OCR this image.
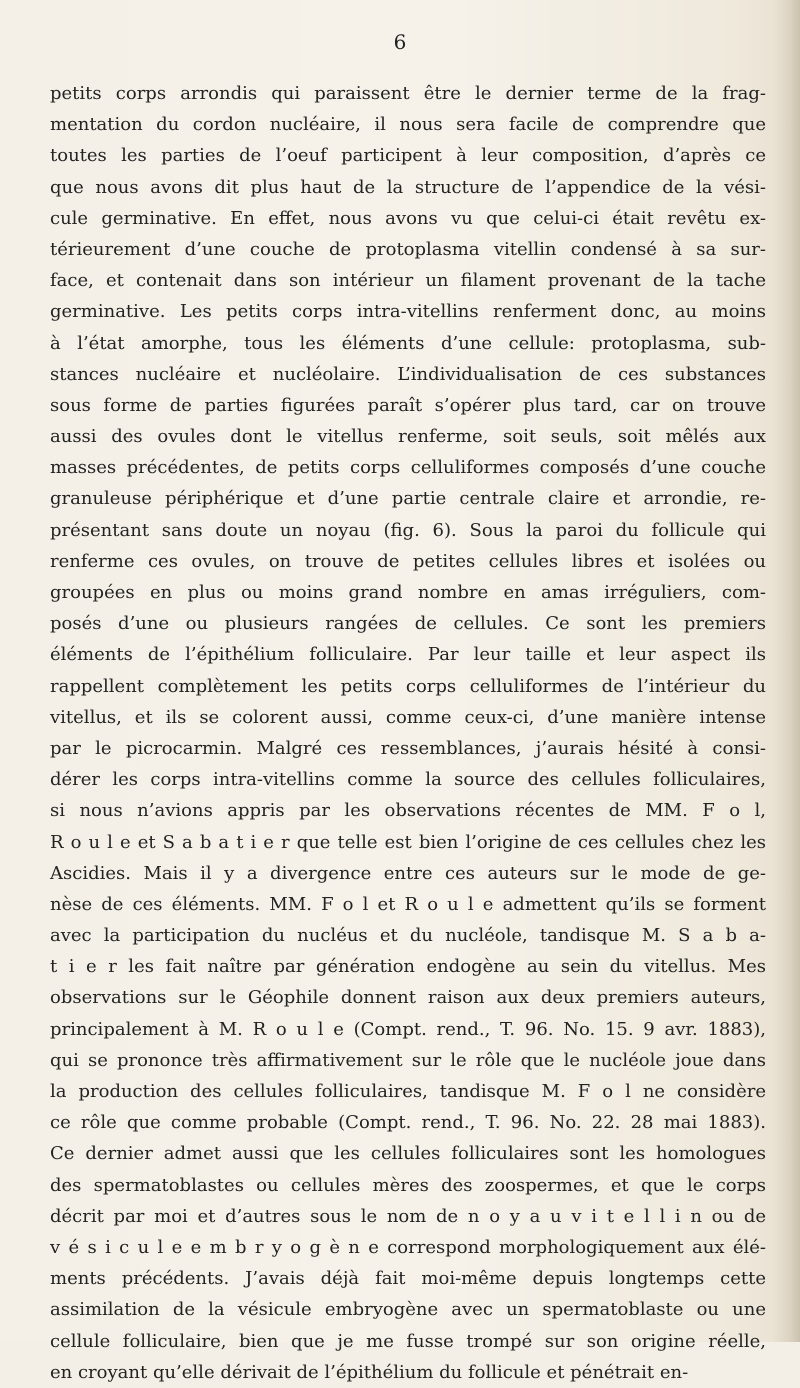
6
petits corps arrondis qui paraissent être le dernier terme de la frag-
mentation du cordon nucléaire, il nous sera facile de comprendre que
toutes les parties de l’oeuf participent à leur composition, d’après ce
que nous avons dit plus haut de la structure de l’appendice de la vési-
cule germinative. En effet, nous avons vu que celui-ci était revêtu ex-
térieurement d’une couche de protoplasma vitellin condensé à sa sur-
face, et contenait dans son intérieur un filament provenant de la tache
germinative. Les petits corps intra-vitellins renferment donc, au moins
à l’état amorphe, tous les éléments d’une cellule: protoplasma, sub-
stances nucléaire et nucléolaire. L’individualisation de ces substances
sous forme de parties figurées paraît s’opérer plus tard, car on trouve
aussi des ovules dont le vitellus renferme, soit seuls, soit mêlés aux
masses précédentes, de petits corps celluliformes composés d’une couche
granuleuse périphérique et d’une partie centrale claire et arrondie, re-
présentant sans doute un noyau (fig. 6). Sous la paroi du follicule qui
renferme ces ovules, on trouve de petites cellules libres et isolées ou
groupées en plus ou moins grand nombre en amas irréguliers, com-
posés d’une ou plusieurs rangées de cellules. Ce sont les premiers
éléments de l’épithélium folliculaire. Par leur taille et leur aspect ils
rappellent complètement les petits corps celluliformes de l’intérieur du
vitellus, et ils se colorent aussi, comme ceux-ci, d’une manière intense
par le picrocarmin. Malgré ces ressemblances, j’aurais hésité à consi-
dérer les corps intra-vitellins comme la source des cellules folliculaires,
si nous n’avions appris par les observations récentes de MM. F o l,
R o u l e et S a b a t i e r que telle est bien l’origine de ces cellules chez les
Ascidies. Mais il y a divergence entre ces auteurs sur le mode de ge-
nèse de ces éléments. MM. F o l et R o u l e admettent qu’ils se forment
avec la participation du nucléus et du nucléole, tandisque M. S a b a-
t i e r les fait naître par génération endogène au sein du vitellus. Mes
observations sur le Géophile donnent raison aux deux premiers auteurs,
principalement à M. R o u l e (Compt. rend., T. 96. No. 15. 9 avr. 1883),
qui se prononce très affirmativement sur le rôle que le nucléole joue dans
la production des cellules folliculaires, tandisque M. F o l ne considère
ce rôle que comme probable (Compt. rend., T. 96. No. 22. 28 mai 1883).
Ce dernier admet aussi que les cellules folliculaires sont les homologues
des spermatoblastes ou cellules mères des zoospermes, et que le corps
décrit par moi et d’autres sous le nom de n o y a u v i t e l l i n ou de
v é s i c u l e e m b r y o g è n e correspond morphologiquement aux élé-
ments précédents. J’avais déjà fait moi-même depuis longtemps cette
assimilation de la vésicule embryogène avec un spermatoblaste ou une
cellule folliculaire, bien que je me fusse trompé sur son origine réelle,
en croyant qu’elle dérivait de l’épithélium du follicule et pénétrait en-
